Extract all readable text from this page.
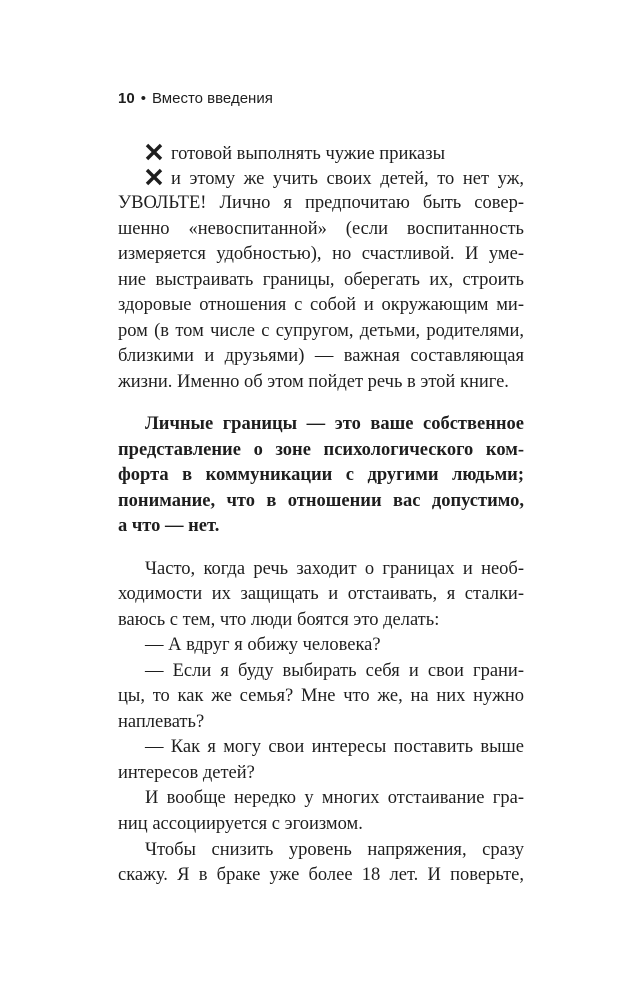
10 • Вместо введения
готовой выполнять чужие приказы
и этому же учить своих детей, то нет уж,
УВОЛЬТЕ! Лично я предпочитаю быть совер-
шенно «невоспитанной» (если воспитанность
измеряется удобностью), но счастливой. И уме-
ние выстраивать границы, оберегать их, строить
здоровые отношения с собой и окружающим ми-
ром (в том числе с супругом, детьми, родителями,
близкими и друзьями) — важная составляющая
жизни. Именно об этом пойдет речь в этой книге.
Личные границы — это ваше собственное
представление о зоне психологического ком-
форта в коммуникации с другими людьми;
понимание, что в отношении вас допустимо,
а что — нет.
Часто, когда речь заходит о границах и необ-
ходимости их защищать и отстаивать, я сталки-
ваюсь с тем, что люди боятся это делать:
— А вдруг я обижу человека?
— Если я буду выбирать себя и свои грани-
цы, то как же семья? Мне что же, на них нужно
наплевать?
— Как я могу свои интересы поставить выше
интересов детей?
И вообще нередко у многих отстаивание гра-
ниц ассоциируется с эгоизмом.
Чтобы снизить уровень напряжения, сразу
скажу. Я в браке уже более 18 лет. И поверьте,
